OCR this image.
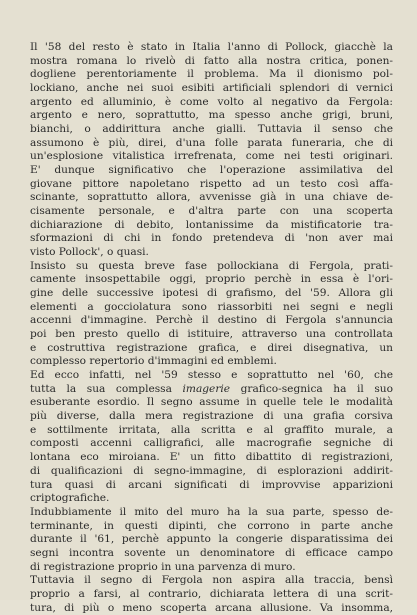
Il '58 del resto è stato in Italia l'anno di Pollock, giacchè la
mostra romana lo rivelò di fatto alla nostra critica, ponen-
dogliene perentoriamente il problema. Ma il dionismo pol-
lockiano, anche nei suoi esibiti artificiali splendori di vernici
argento ed alluminio, è come volto al negativo da Fergola:
argento e nero, soprattutto, ma spesso anche grigi, bruni,
bianchi, o addirittura anche gialli. Tuttavia il senso che
assumono è più, direi, d'una folle parata funeraria, che di
un'esplosione vitalistica irrefrenata, come nei testi originari.
E' dunque significativo che l'operazione assimilativa del
giovane pittore napoletano rispetto ad un testo così affa-
scinante, soprattutto allora, avvenisse già in una chiave de-
cisamente personale, e d'altra parte con una scoperta
dichiarazione di debito, lontanissime da mistificatorie tra-
sformazioni di chi in fondo pretendeva di 'non aver mai
visto Pollock', o quasi.
Insisto su questa breve fase pollockiana di Fergola, prati-
camente insospettabile oggi, proprio perchè in essa è l'ori-
gine delle successive ipotesi di grafismo, del '59. Allora gli
elementi a gocciolatura sono riassorbiti nei segni e negli
accenni d'immagine. Perchè il destino di Fergola s'annuncia
poi ben presto quello di istituire, attraverso una controllata
e costruttiva registrazione grafica, e direi disegnativa, un
complesso repertorio d'immagini ed emblemi.
Ed ecco infatti, nel '59 stesso e soprattutto nel '60, che
tutta la sua complessa imagerie grafico-segnica ha il suo
esuberante esordio. Il segno assume in quelle tele le modalità
più diverse, dalla mera registrazione di una grafia corsiva
e sottilmente irritata, alla scritta e al graffito murale, a
composti accenni calligrafici, alle macrografie segniche di
lontana eco miroiana. E' un fitto dibattito di registrazioni,
di qualificazioni di segno-immagine, di esplorazioni addirit-
tura quasi di arcani significati di improvvise apparizioni
criptografiche.
Indubbiamente il mito del muro ha la sua parte, spesso de-
terminante, in questi dipinti, che corrono in parte anche
durante il '61, perchè appunto la congerie disparatissima dei
segni incontra sovente un denominatore di efficace campo
di registrazione proprio in una parvenza di muro.
Tuttavia il segno di Fergola non aspira alla traccia, bensì
proprio a farsi, al contrario, dichiarata lettera di una scrit-
tura, di più o meno scoperta arcana allusione. Va insomma,
